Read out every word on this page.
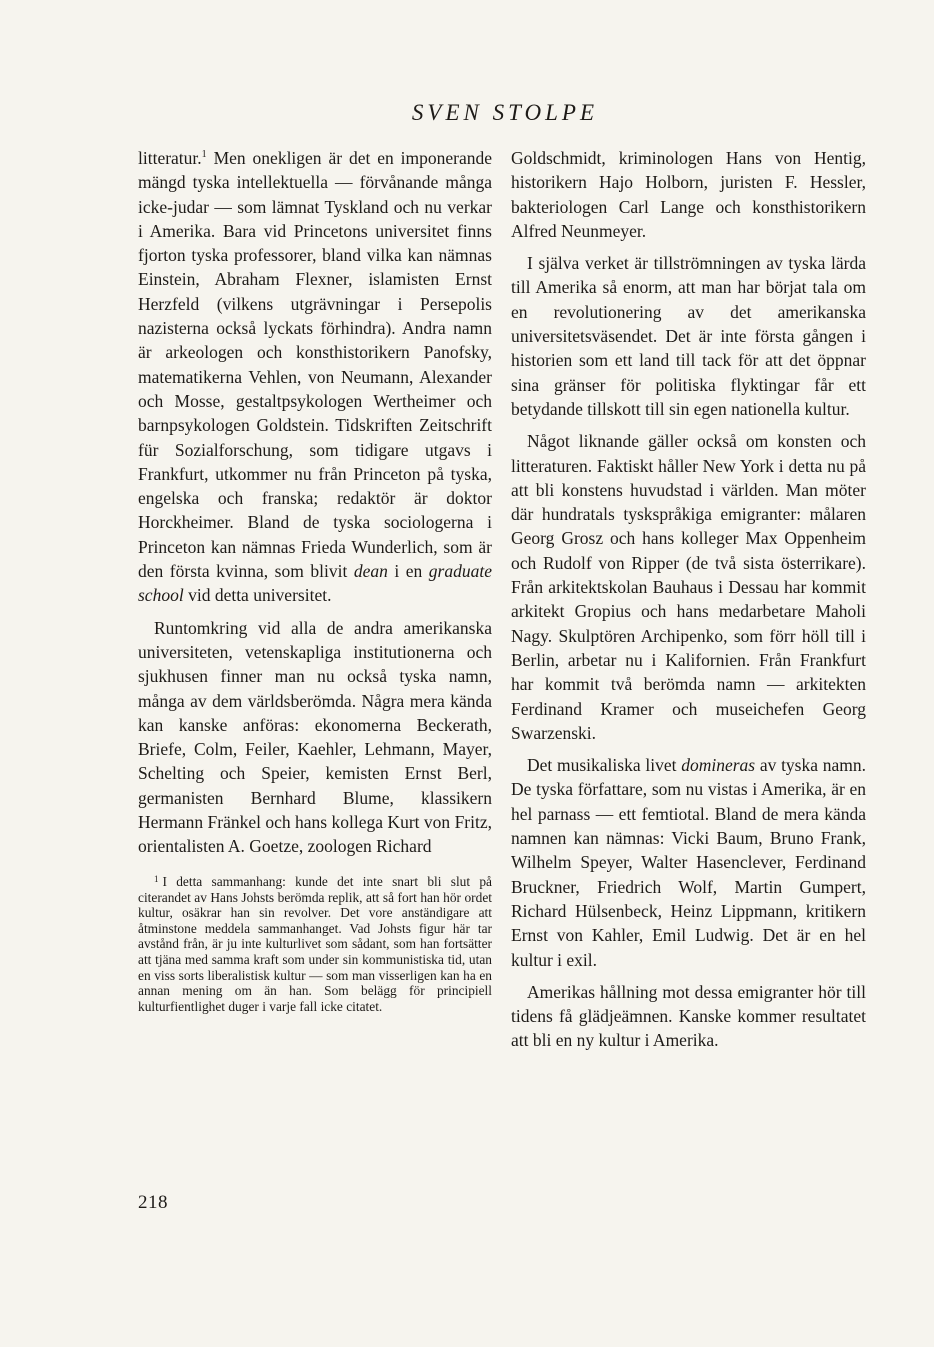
SVEN STOLPE

litteratur.$^1$ Men onekligen är det en imponerande mängd tyska intellektuella — förvånande många icke-judar — som lämnat Tyskland och nu verkar i Amerika. Bara vid Princetons universitet finns fjorton tyska professorer, bland vilka kan nämnas Einstein, Abraham Flexner, islamisten Ernst Herzfeld (vilkens utgrävningar i Persepolis nazisterna också lyckats förhindra). Andra namn är arkeologen och konsthistorikern Panofsky, matematikerna Vehlen, von Neumann, Alexander och Mosse, gestaltpsykologen Wertheimer och barnpsykologen Goldstein. Tidskriften Zeitschrift für Sozialforschung, som tidigare utgavs i Frankfurt, utkommer nu från Princeton på tyska, engelska och franska; redaktör är doktor Horckheimer. Bland de tyska sociologerna i Princeton kan nämnas Frieda Wunderlich, som är den första kvinna, som blivit dean i en graduate school vid detta universitet.

Runtomkring vid alla de andra amerikanska universiteten, vetenskapliga institutionerna och sjukhusen finner man nu också tyska namn, många av dem världsberömda. Några mera kända kan kanske anföras: ekonomerna Beckerath, Briefe, Colm, Feiler, Kaehler, Lehmann, Mayer, Schelting och Speier, kemisten Ernst Berl, germanisten Bernhard Blume, klassikern Hermann Fränkel och hans kollega Kurt von Fritz, orientalisten A. Goetze, zoologen Richard

$^1$ I detta sammanhang: kunde det inte snart bli slut på citerandet av Hans Johsts berömda replik, att så fort han hör ordet kultur, osäkrar han sin revolver. Det vore anständigare att åtminstone meddela sammanhanget. Vad Johsts figur här tar avstånd från, är ju inte kulturlivet som sådant, som han fortsätter att tjäna med samma kraft som under sin kommunistiska tid, utan en viss sorts liberalistisk kultur — som man visserligen kan ha en annan mening om än han. Som belägg för principiell kulturfientlighet duger i varje fall icke citatet.

Goldschmidt, kriminologen Hans von Hentig, historikern Hajo Holborn, juristen F. Hessler, bakteriologen Carl Lange och konsthistorikern Alfred Neunmeyer.

I själva verket är tillströmningen av tyska lärda till Amerika så enorm, att man har börjat tala om en revolutionering av det amerikanska universitetsväsendet. Det är inte första gången i historien som ett land till tack för att det öppnar sina gränser för politiska flyktingar får ett betydande tillskott till sin egen nationella kultur.

Något liknande gäller också om konsten och litteraturen. Faktiskt håller New York i detta nu på att bli konstens huvudstad i världen. Man möter där hundratals tyskspråkiga emigranter: målaren Georg Grosz och hans kolleger Max Oppenheim och Rudolf von Ripper (de två sista österrikare). Från arkitektskolan Bauhaus i Dessau har kommit arkitekt Gropius och hans medarbetare Maholi Nagy. Skulptören Archipenko, som förr höll till i Berlin, arbetar nu i Kalifornien. Från Frankfurt har kommit två berömda namn — arkitekten Ferdinand Kramer och museichefen Georg Swarzenski.

Det musikaliska livet domineras av tyska namn. De tyska författare, som nu vistas i Amerika, är en hel parnass — ett femtiotal. Bland de mera kända namnen kan nämnas: Vicki Baum, Bruno Frank, Wilhelm Speyer, Walter Hasenclever, Ferdinand Bruckner, Friedrich Wolf, Martin Gumpert, Richard Hülsenbeck, Heinz Lippmann, kritikern Ernst von Kahler, Emil Ludwig. Det är en hel kultur i exil.

Amerikas hållning mot dessa emigranter hör till tidens få glädjeämnen. Kanske kommer resultatet att bli en ny kultur i Amerika.

218
